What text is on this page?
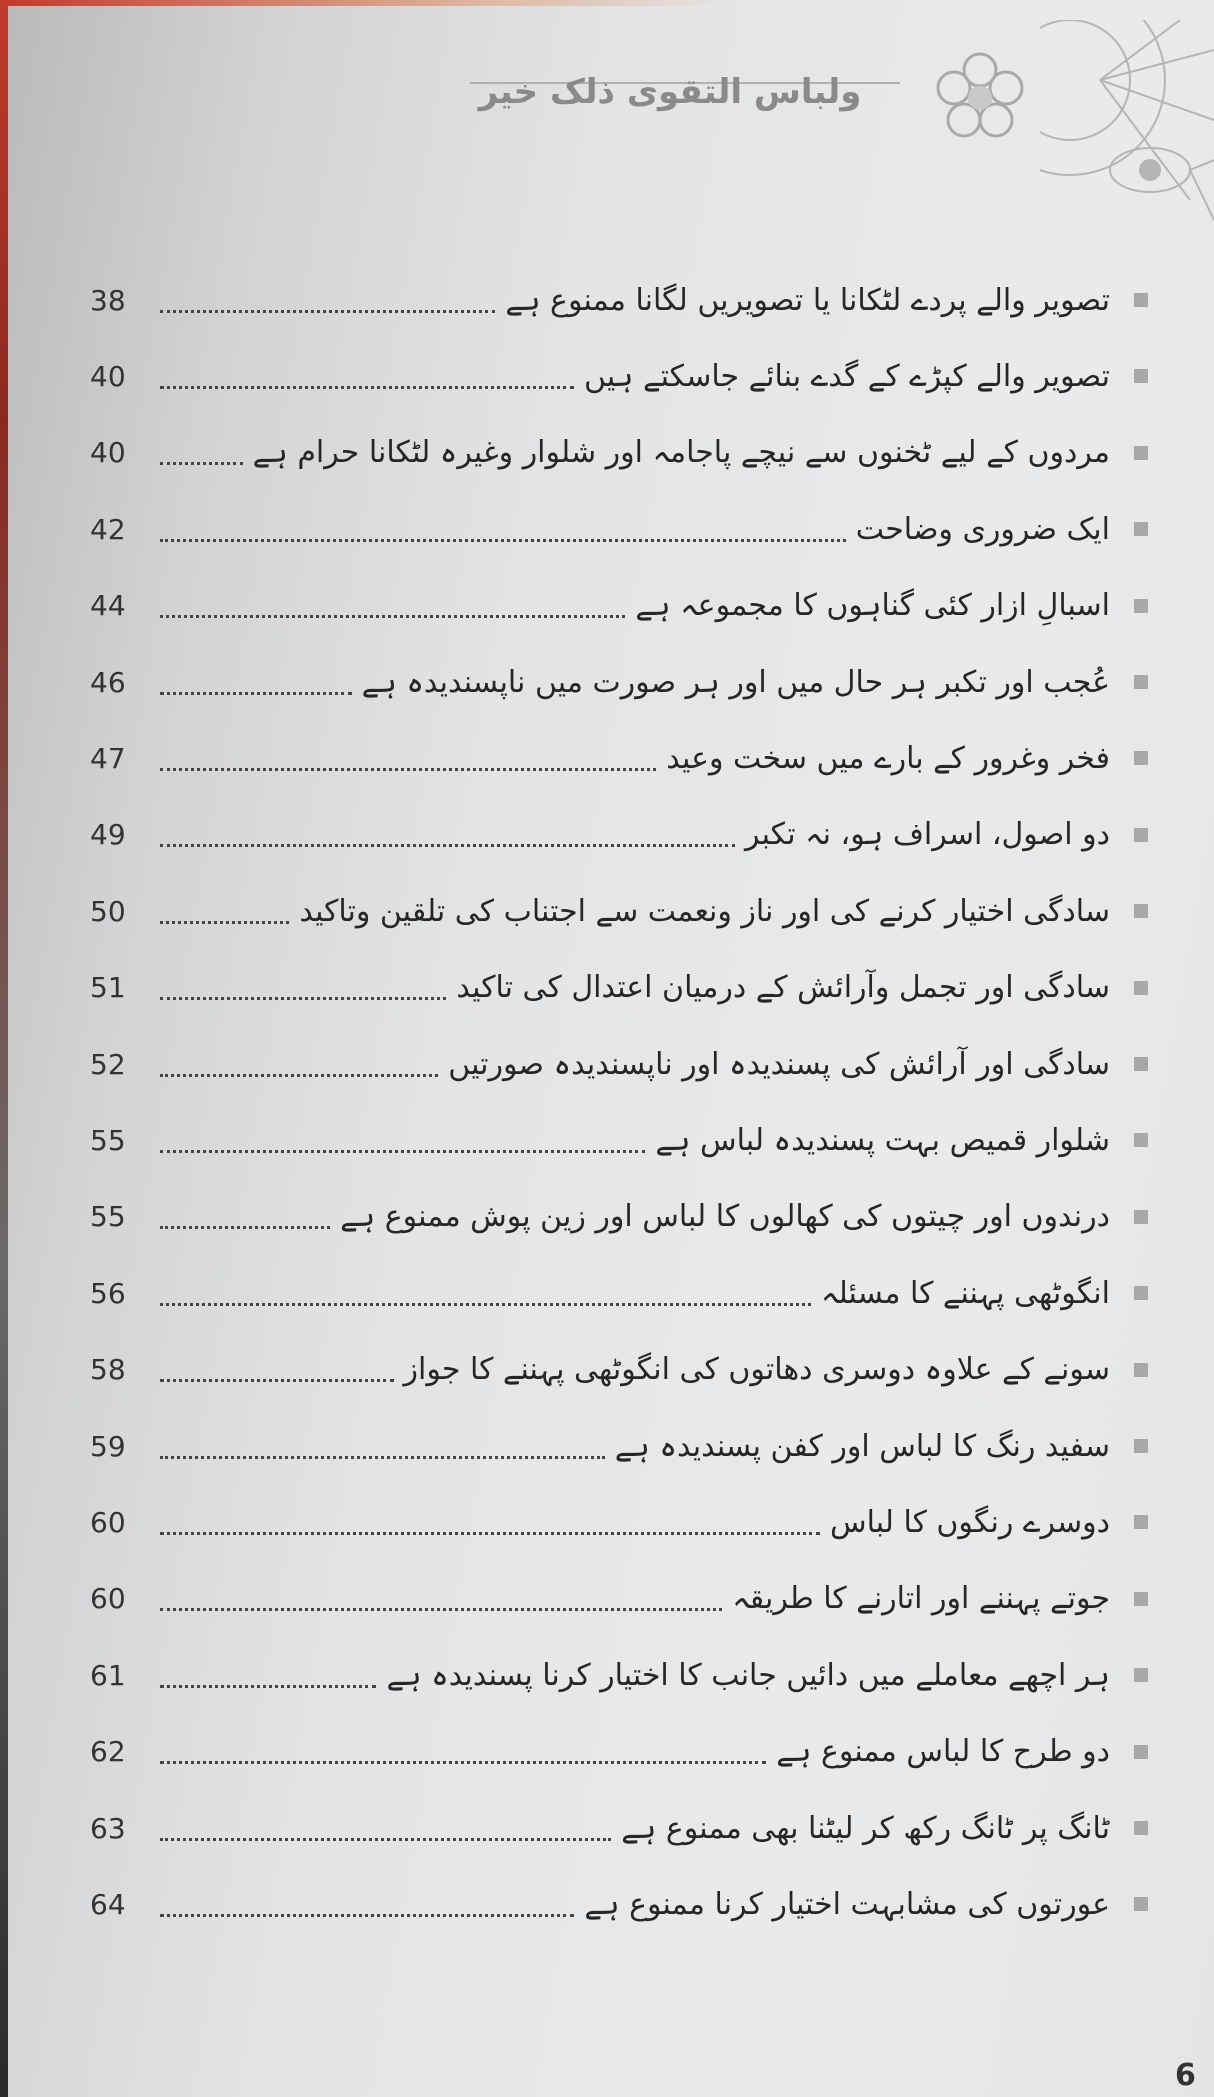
ولباس التقوی ذلک خیر
تصویر والے پردے لٹکانا یا تصویریں لگانا ممنوع ہے
38
تصویر والے کپڑے کے گدے بنائے جاسکتے ہیں
40
مردوں کے لیے ٹخنوں سے نیچے پاجامہ اور شلوار وغیرہ لٹکانا حرام ہے
40
ایک ضروری وضاحت
42
اسبالِ ازار کئی گناہوں کا مجموعہ ہے
44
عُجب اور تکبر ہر حال میں اور ہر صورت میں ناپسندیدہ ہے
46
فخر وغرور کے بارے میں سخت وعید
47
دو اصول، اسراف ہو، نہ تکبر
49
سادگی اختیار کرنے کی اور ناز ونعمت سے اجتناب کی تلقین وتاکید
50
سادگی اور تجمل وآرائش کے درمیان اعتدال کی تاکید
51
سادگی اور آرائش کی پسندیدہ اور ناپسندیدہ صورتیں
52
شلوار قمیص بہت پسندیدہ لباس ہے
55
درندوں اور چیتوں کی کھالوں کا لباس اور زین پوش ممنوع ہے
55
انگوٹھی پہننے کا مسئلہ
56
سونے کے علاوہ دوسری دھاتوں کی انگوٹھی پہننے کا جواز
58
سفید رنگ کا لباس اور کفن پسندیدہ ہے
59
دوسرے رنگوں کا لباس
60
جوتے پہننے اور اتارنے کا طریقہ
60
ہر اچھے معاملے میں دائیں جانب کا اختیار کرنا پسندیدہ ہے
61
دو طرح کا لباس ممنوع ہے
62
ٹانگ پر ٹانگ رکھ کر لیٹنا بھی ممنوع ہے
63
عورتوں کی مشابہت اختیار کرنا ممنوع ہے
64
6
